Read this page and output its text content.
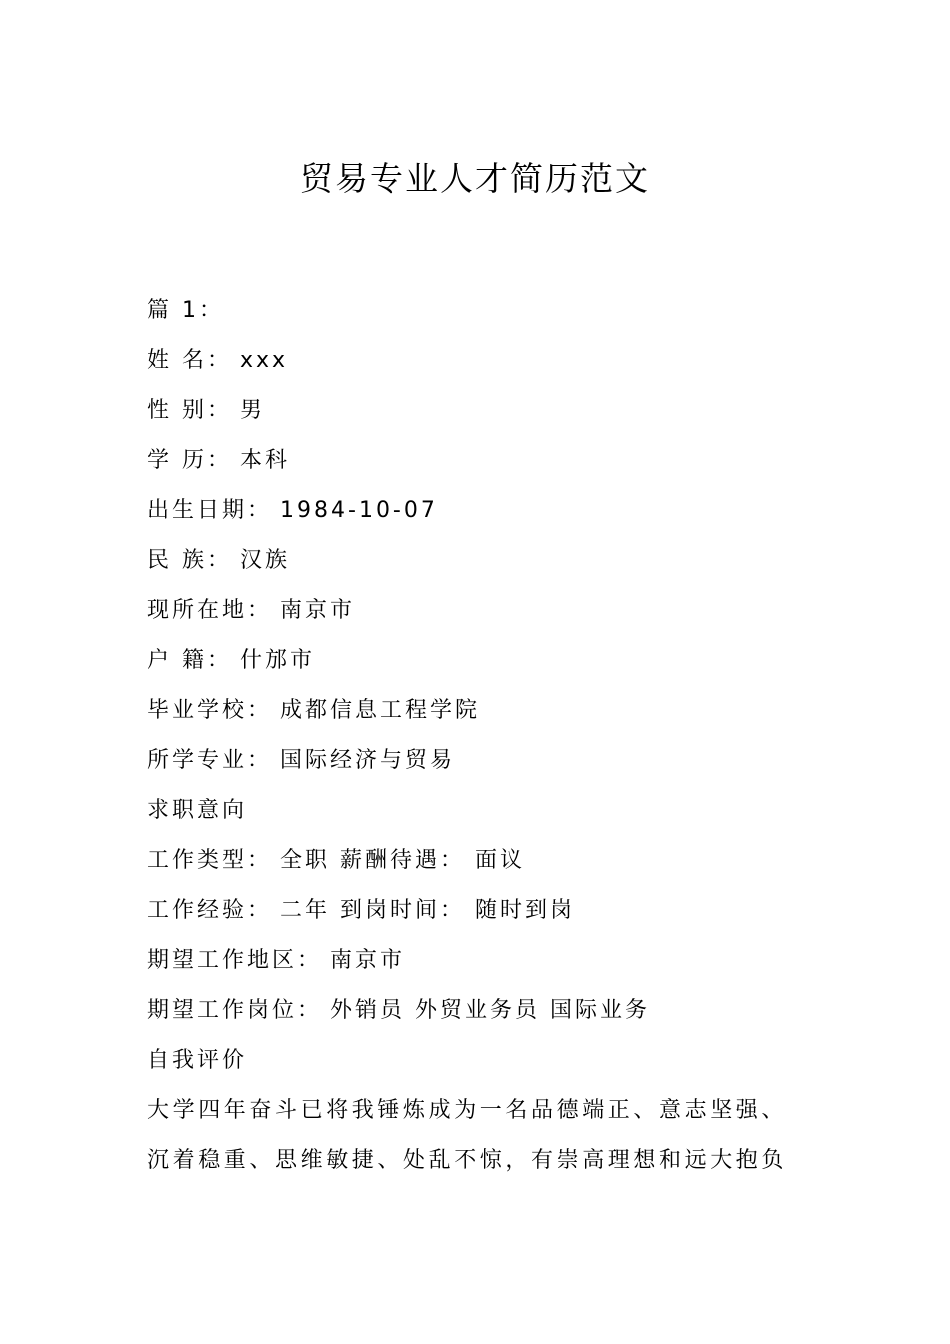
贸易专业人才简历范文
篇 1：
姓 名： xxx
性 别： 男
学 历： 本科
出生日期： 1984-10-07
民 族： 汉族
现所在地： 南京市
户 籍： 什邡市
毕业学校： 成都信息工程学院
所学专业： 国际经济与贸易
求职意向
工作类型： 全职 薪酬待遇： 面议
工作经验： 二年 到岗时间： 随时到岗
期望工作地区： 南京市
期望工作岗位： 外销员 外贸业务员 国际业务
自我评价
大学四年奋斗已将我锤炼成为一名品德端正、意志坚强、
沉着稳重、思维敏捷、处乱不惊，有崇高理想和远大抱负
